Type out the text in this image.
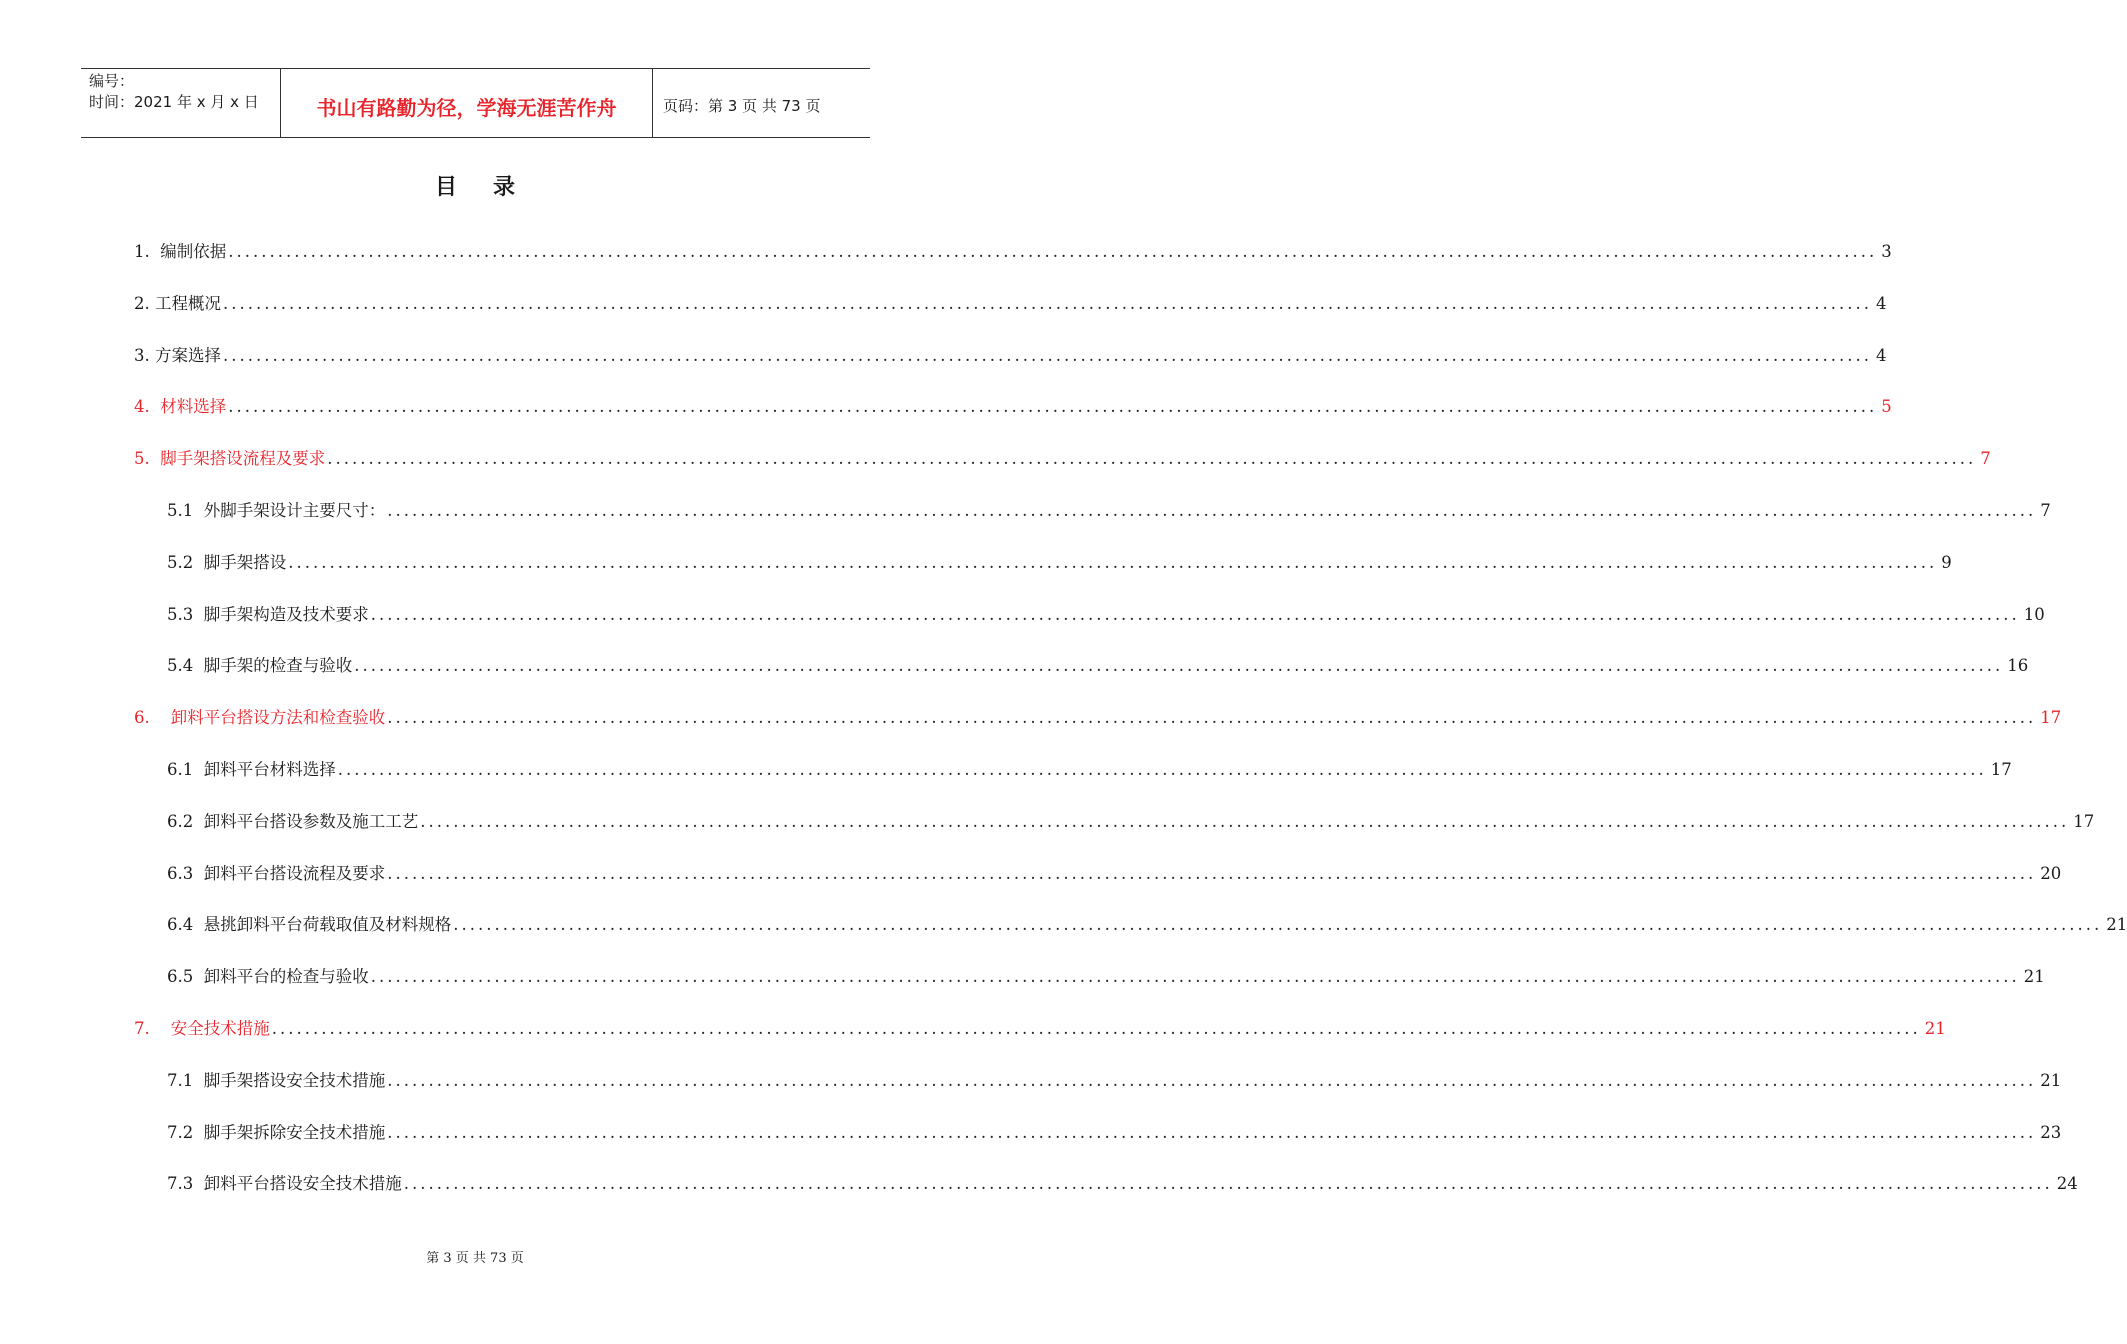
编号：
时间：2021 年 x 月 x 日	书山有路勤为径，学海无涯苦作舟	页码：第 3 页 共 73 页
目录
1. 编制依据 ........................................................................................................................................................................................................ 3
2. 工程概况 ........................................................................................................................................................................................................ 4
3. 方案选择 ........................................................................................................................................................................................................ 4
4. 材料选择 ........................................................................................................................................................................................................ 5
5. 脚手架搭设流程及要求 ........................................................................................................................................................................................................ 7
5.1 外脚手架设计主要尺寸： ........................................................................................................................................................................................................ 7
5.2 脚手架搭设 ........................................................................................................................................................................................................ 9
5.3 脚手架构造及技术要求 ........................................................................................................................................................................................................ 10
5.4 脚手架的检查与验收 ........................................................................................................................................................................................................ 16
6. 卸料平台搭设方法和检查验收 ........................................................................................................................................................................................................ 17
6.1 卸料平台材料选择 ........................................................................................................................................................................................................ 17
6.2 卸料平台搭设参数及施工工艺 ........................................................................................................................................................................................................ 17
6.3 卸料平台搭设流程及要求 ........................................................................................................................................................................................................ 20
6.4 悬挑卸料平台荷载取值及材料规格 ........................................................................................................................................................................................................ 21
6.5 卸料平台的检查与验收 ........................................................................................................................................................................................................ 21
7. 安全技术措施 ........................................................................................................................................................................................................ 21
7.1 脚手架搭设安全技术措施 ........................................................................................................................................................................................................ 21
7.2 脚手架拆除安全技术措施 ........................................................................................................................................................................................................ 23
7.3 卸料平台搭设安全技术措施 ........................................................................................................................................................................................................ 24
第 3 页 共 73 页
